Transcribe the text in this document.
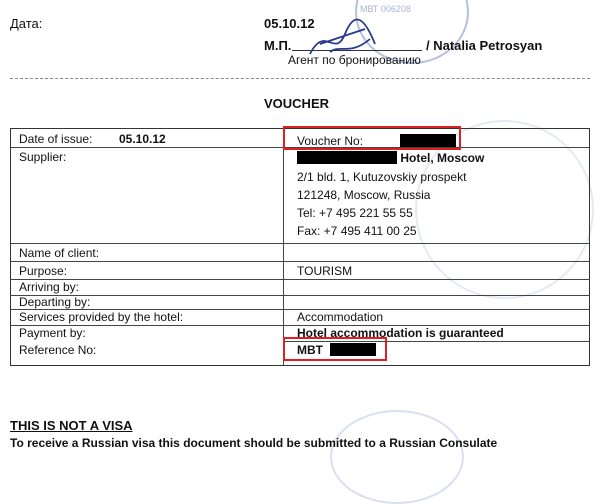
МВТ 006208
Дата:	05.10.12
М.П.	/ Natalia Petrosyan
Агент по бронированию
VOUCHER
Date of issue: 05.10.12
Supplier:
Name of client:
Purpose:
Arriving by:
Departing by:
Services provided by the hotel:
Payment by:
Reference No:
Voucher No:
Hotel, Moscow
2/1 bld. 1, Kutuzovskiy prospekt
121248, Moscow, Russia
Tel: +7 495 221 55 55
Fax: +7 495 411 00 25
TOURISM
Accommodation
Hotel accommodation is guaranteed
MBT
THIS IS NOT A VISA
To receive a Russian visa this document should be submitted to a Russian Consulate
